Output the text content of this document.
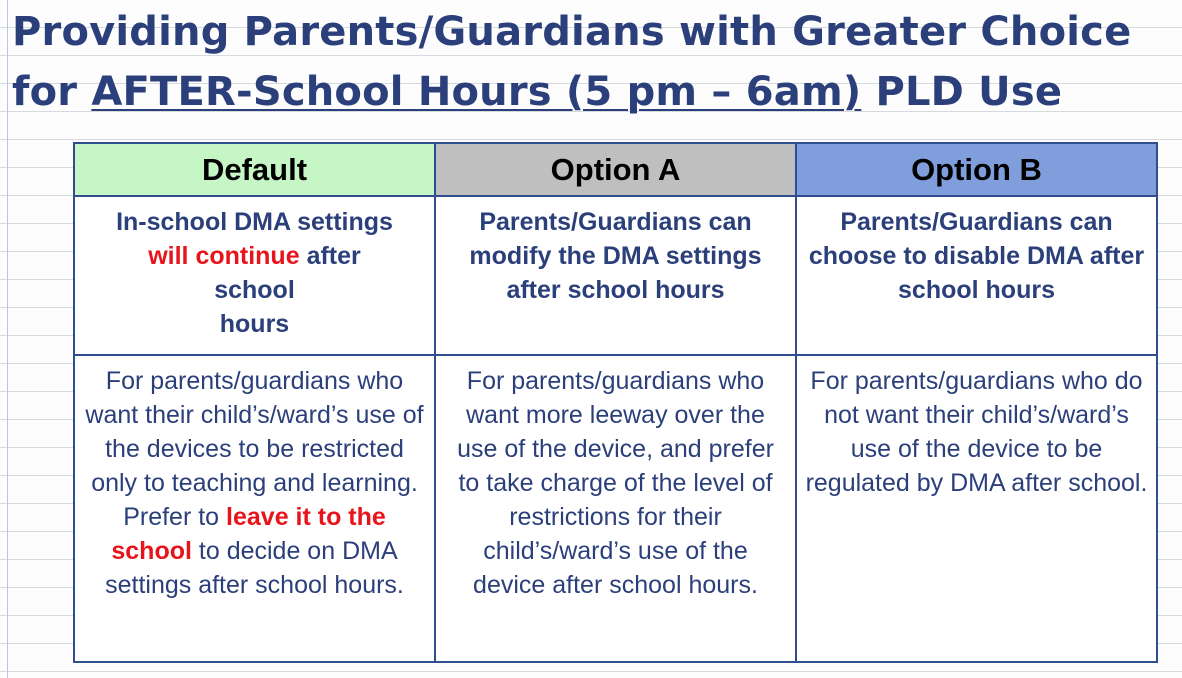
Providing Parents/Guardians with Greater Choice
for AFTER-School Hours (5 pm – 6am) PLD Use
Default	Option A	Option B

In-school DMA settings
will continue after
school
hours	Parents/Guardians can modify the DMA settings after school hours	Parents/Guardians can choose to disable DMA after school hours

For parents/guardians who want their child’s/ward’s use of the devices to be restricted only to teaching and learning.
Prefer to leave it to the school to decide on DMA settings after school hours.	For parents/guardians who want more leeway over the use of the device, and prefer to take charge of the level of restrictions for their child’s/ward’s use of the device after school hours.	For parents/guardians who do not want their child’s/ward’s use of the device to be regulated by DMA after school.
